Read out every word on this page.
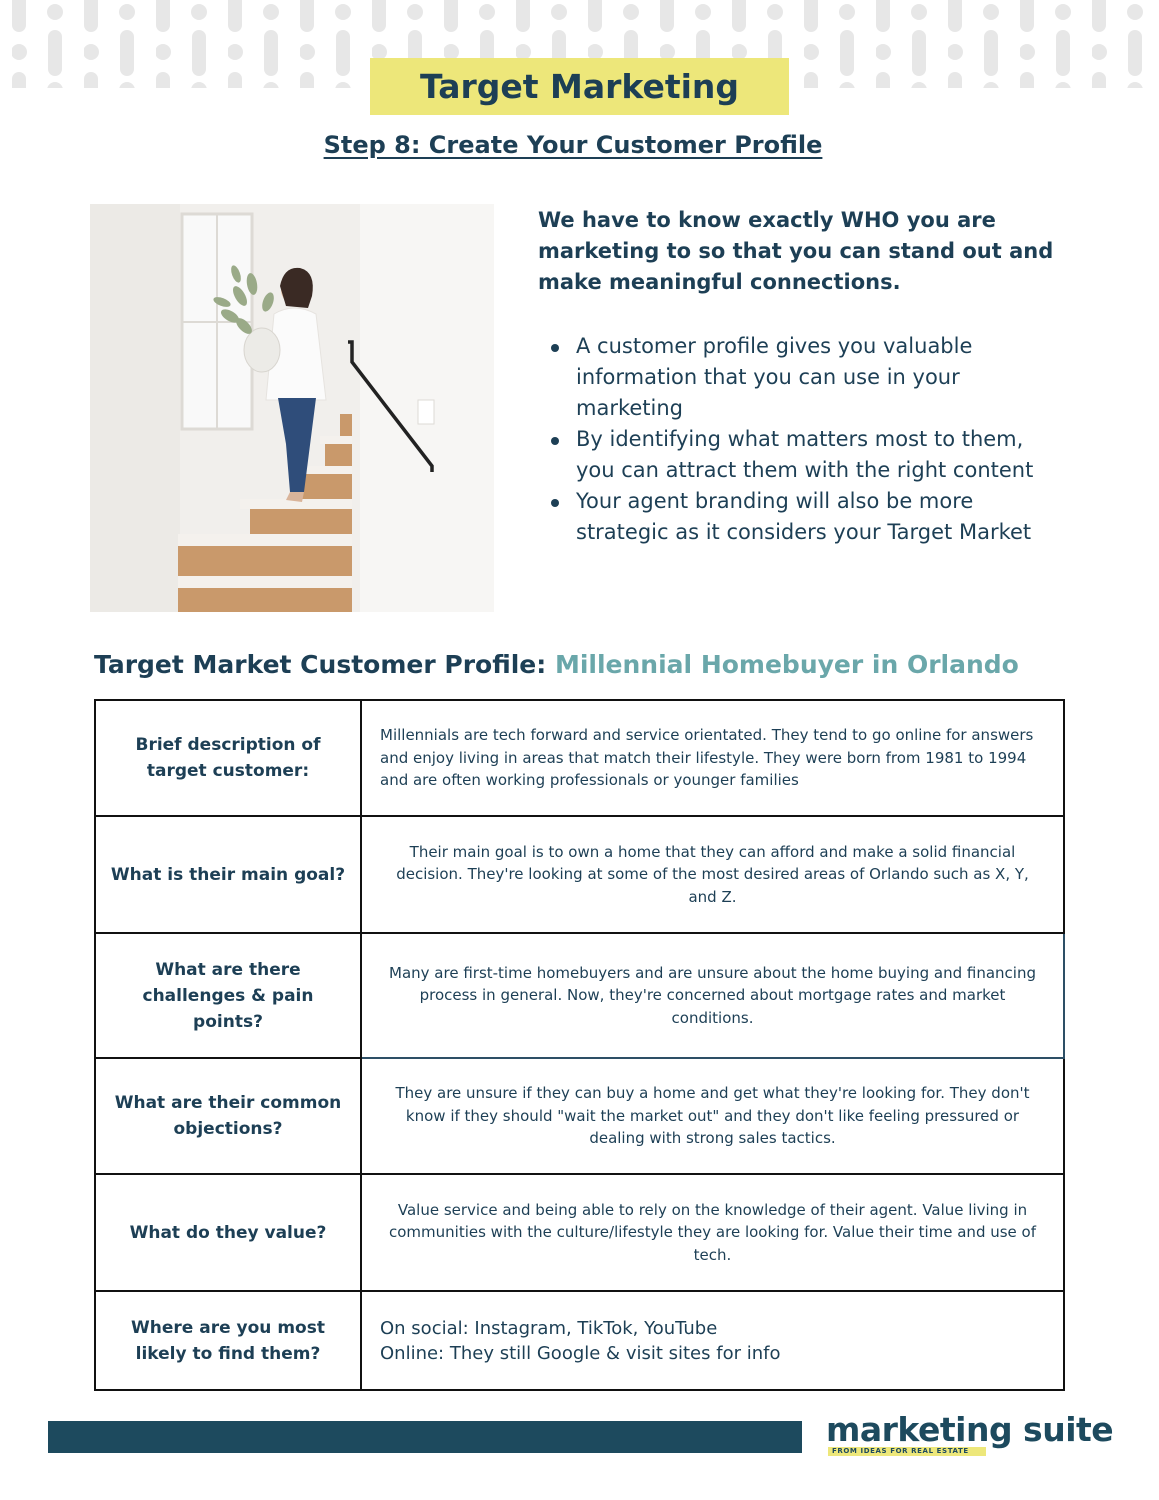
Target Marketing
Step 8: Create Your Customer Profile

We have to know exactly WHO you are marketing to so that you can stand out and make meaningful connections.

A customer profile gives you valuable information that you can use in your marketing
By identifying what matters most to them, you can attract them with the right content
Your agent branding will also be more strategic as it considers your Target Market
Target Market Customer Profile: Millennial Homebuyer in Orlando
Brief description of target customer:	Millennials are tech forward and service orientated. They tend to go online for answers and enjoy living in areas that match their lifestyle. They were born from 1981 to 1994 and are often working professionals or younger families
What is their main goal?	Their main goal is to own a home that they can afford and make a solid financial decision. They're looking at some of the most desired areas of Orlando such as X, Y, and Z.
What are there challenges & pain points?	Many are first-time homebuyers and are unsure about the home buying and financing process in general. Now, they're concerned about mortgage rates and market conditions.
What are their common objections?	They are unsure if they can buy a home and get what they're looking for. They don't know if they should "wait the market out" and they don't like feeling pressured or dealing with strong sales tactics.
What do they value?	Value service and being able to rely on the knowledge of their agent. Value living in communities with the culture/lifestyle they are looking for. Value their time and use of tech.
Where are you most likely to find them?	On social: Instagram, TikTok, YouTube
Online: They still Google & visit sites for info
marketing suite
FROM IDEAS FOR REAL ESTATE
